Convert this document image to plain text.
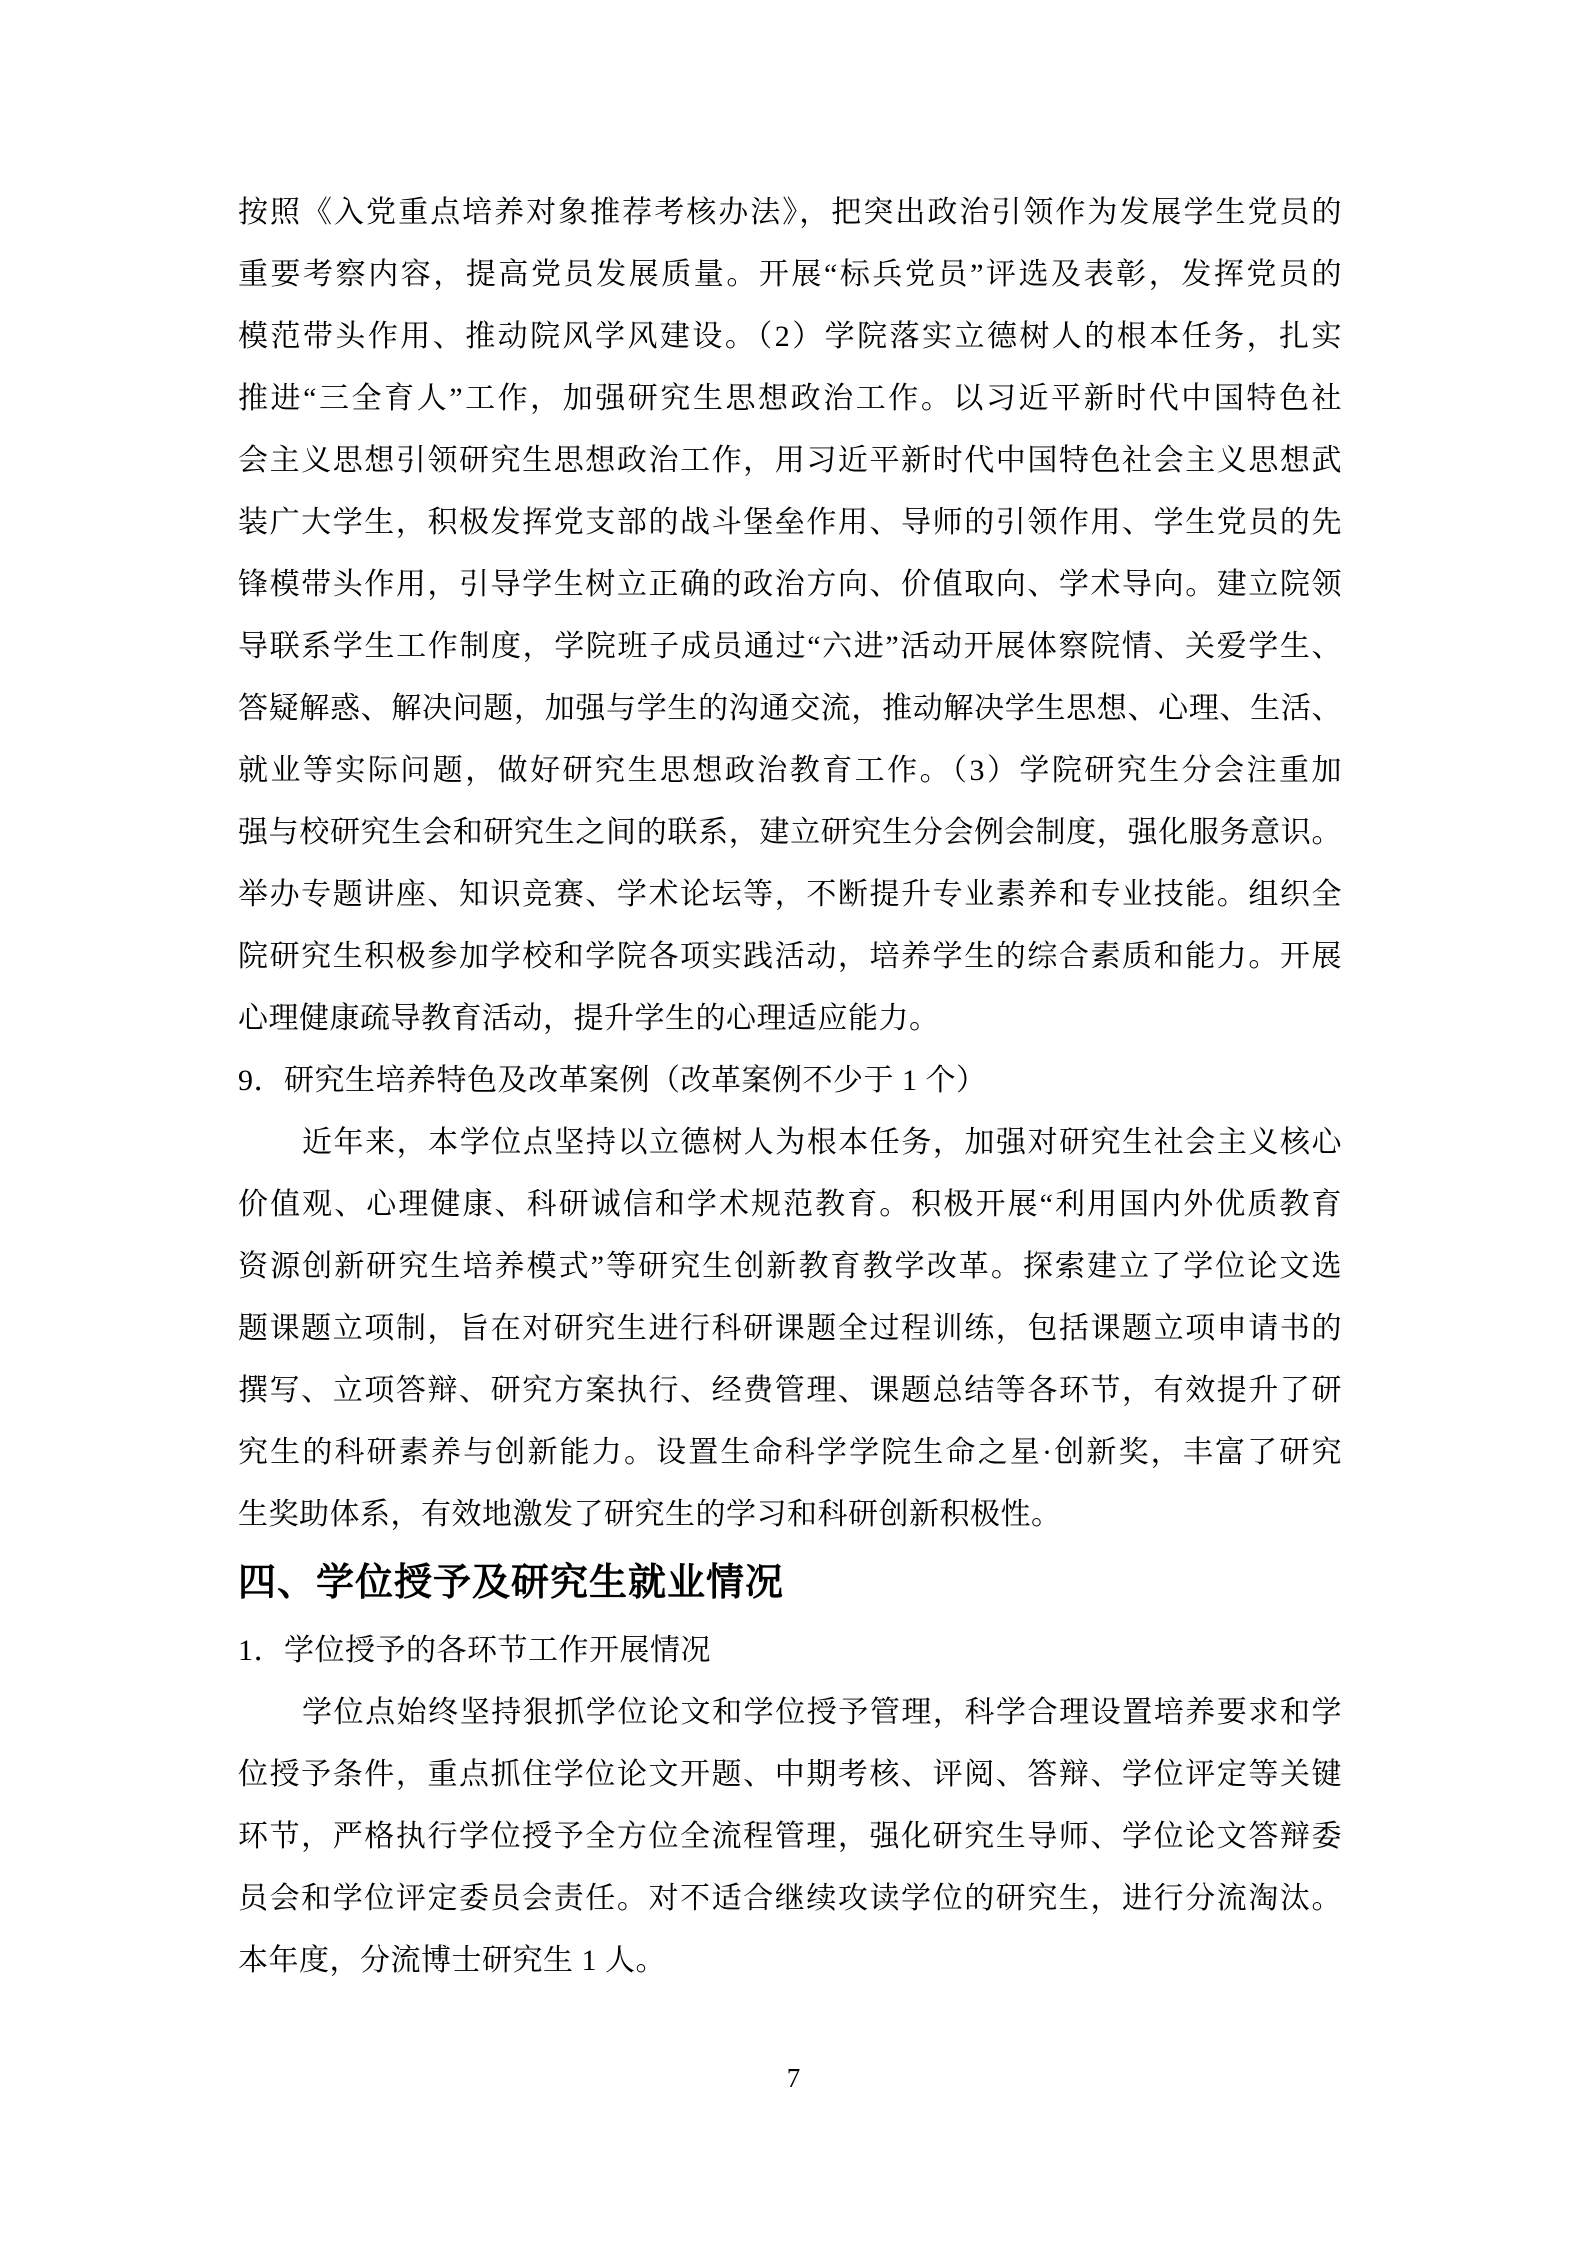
按照《入党重点培养对象推荐考核办法》，把突出政治引领作为发展学生党员的
重要考察内容，提高党员发展质量。开展“标兵党员”评选及表彰，发挥党员的
模范带头作用、推动院风学风建设。（2）学院落实立德树人的根本任务，扎实
推进“三全育人”工作，加强研究生思想政治工作。以习近平新时代中国特色社
会主义思想引领研究生思想政治工作，用习近平新时代中国特色社会主义思想武
装广大学生，积极发挥党支部的战斗堡垒作用、导师的引领作用、学生党员的先
锋模带头作用，引导学生树立正确的政治方向、价值取向、学术导向。建立院领
导联系学生工作制度，学院班子成员通过“六进”活动开展体察院情、关爱学生、
答疑解惑、解决问题，加强与学生的沟通交流，推动解决学生思想、心理、生活、
就业等实际问题，做好研究生思想政治教育工作。（3）学院研究生分会注重加
强与校研究生会和研究生之间的联系，建立研究生分会例会制度，强化服务意识。
举办专题讲座、知识竞赛、学术论坛等，不断提升专业素养和专业技能。组织全
院研究生积极参加学校和学院各项实践活动，培养学生的综合素质和能力。开展
心理健康疏导教育活动，提升学生的心理适应能力。
9．研究生培养特色及改革案例（改革案例不少于 1 个）
近年来，本学位点坚持以立德树人为根本任务，加强对研究生社会主义核心
价值观、心理健康、科研诚信和学术规范教育。积极开展“利用国内外优质教育
资源创新研究生培养模式”等研究生创新教育教学改革。探索建立了学位论文选
题课题立项制，旨在对研究生进行科研课题全过程训练，包括课题立项申请书的
撰写、立项答辩、研究方案执行、经费管理、课题总结等各环节，有效提升了研
究生的科研素养与创新能力。设置生命科学学院生命之星·创新奖，丰富了研究
生奖助体系，有效地激发了研究生的学习和科研创新积极性。
四、学位授予及研究生就业情况
1．学位授予的各环节工作开展情况
学位点始终坚持狠抓学位论文和学位授予管理，科学合理设置培养要求和学
位授予条件，重点抓住学位论文开题、中期考核、评阅、答辩、学位评定等关键
环节，严格执行学位授予全方位全流程管理，强化研究生导师、学位论文答辩委
员会和学位评定委员会责任。对不适合继续攻读学位的研究生，进行分流淘汰。
本年度，分流博士研究生 1 人。
7
